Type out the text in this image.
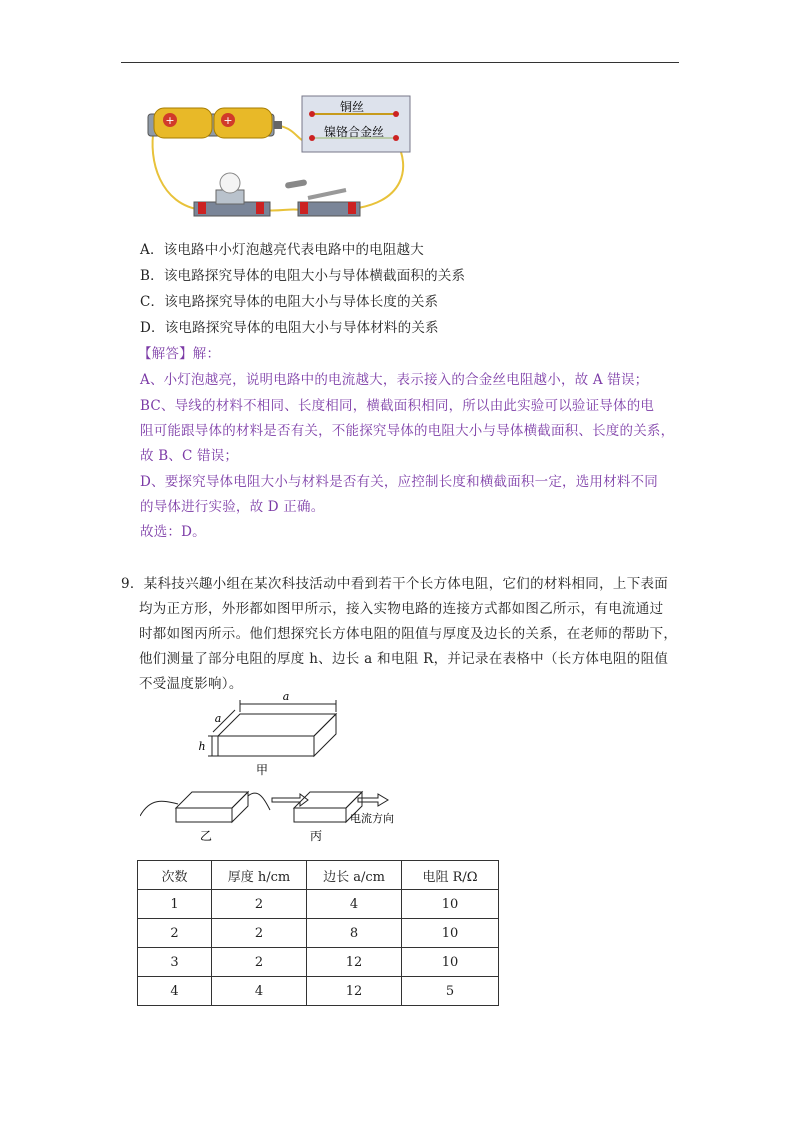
+	+
铜丝
镍铬合金丝
A．该电路中小灯泡越亮代表电路中的电阻越大
B．该电路探究导体的电阻大小与导体横截面积的关系
C．该电路探究导体的电阻大小与导体长度的关系
D．该电路探究导体的电阻大小与导体材料的关系
【解答】解：
A、小灯泡越亮，说明电路中的电流越大，表示接入的合金丝电阻越小，故 A 错误；
BC、导线的材料不相同、长度相同，横截面积相同，所以由此实验可以验证导体的电
阻可能跟导体的材料是否有关，不能探究导体的电阻大小与导体横截面积、长度的关系，
故 B、C 错误；
D、要探究导体电阻大小与材料是否有关，应控制长度和横截面积一定，选用材料不同
的导体进行实验，故 D 正确。
故选：D。
9．某科技兴趣小组在某次科技活动中看到若干个长方体电阻，它们的材料相同，上下表面
均为正方形，外形都如图甲所示，接入实物电路的连接方式都如图乙所示，有电流通过
时都如图丙所示。他们想探究长方体电阻的阻值与厚度及边长的关系，在老师的帮助下，
他们测量了部分电阻的厚度 h、边长 a 和电阻 R，并记录在表格中（长方体电阻的阻值
不受温度影响）。
a
a
h
甲
乙	丙
电流方向
次数	厚度 h/cm	边长 a/cm	电阻 R/Ω
1	2	4	10
2	2	8	10
3	2	12	10
4	4	12	5
